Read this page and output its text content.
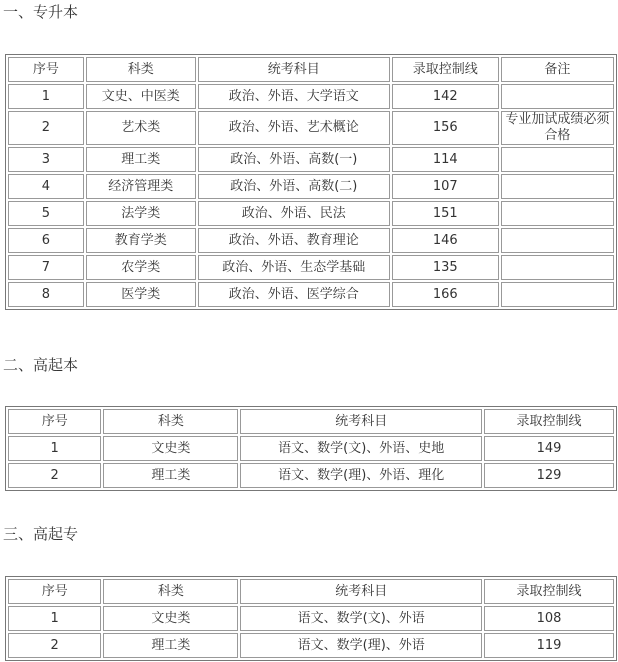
一、专升本
序号	科类	统考科目	录取控制线	备注
1	文史、中医类	政治、外语、大学语文	142	
2	艺术类	政治、外语、艺术概论	156	专业加试成绩必须合格
3	理工类	政治、外语、高数(一)	114	
4	经济管理类	政治、外语、高数(二)	107	
5	法学类	政治、外语、民法	151	
6	教育学类	政治、外语、教育理论	146	
7	农学类	政治、外语、生态学基础	135	
8	医学类	政治、外语、医学综合	166	
二、高起本
序号	科类	统考科目	录取控制线
1	文史类	语文、数学(文)、外语、史地	149
2	理工类	语文、数学(理)、外语、理化	129
三、高起专
序号	科类	统考科目	录取控制线
1	文史类	语文、数学(文)、外语	108
2	理工类	语文、数学(理)、外语	119
